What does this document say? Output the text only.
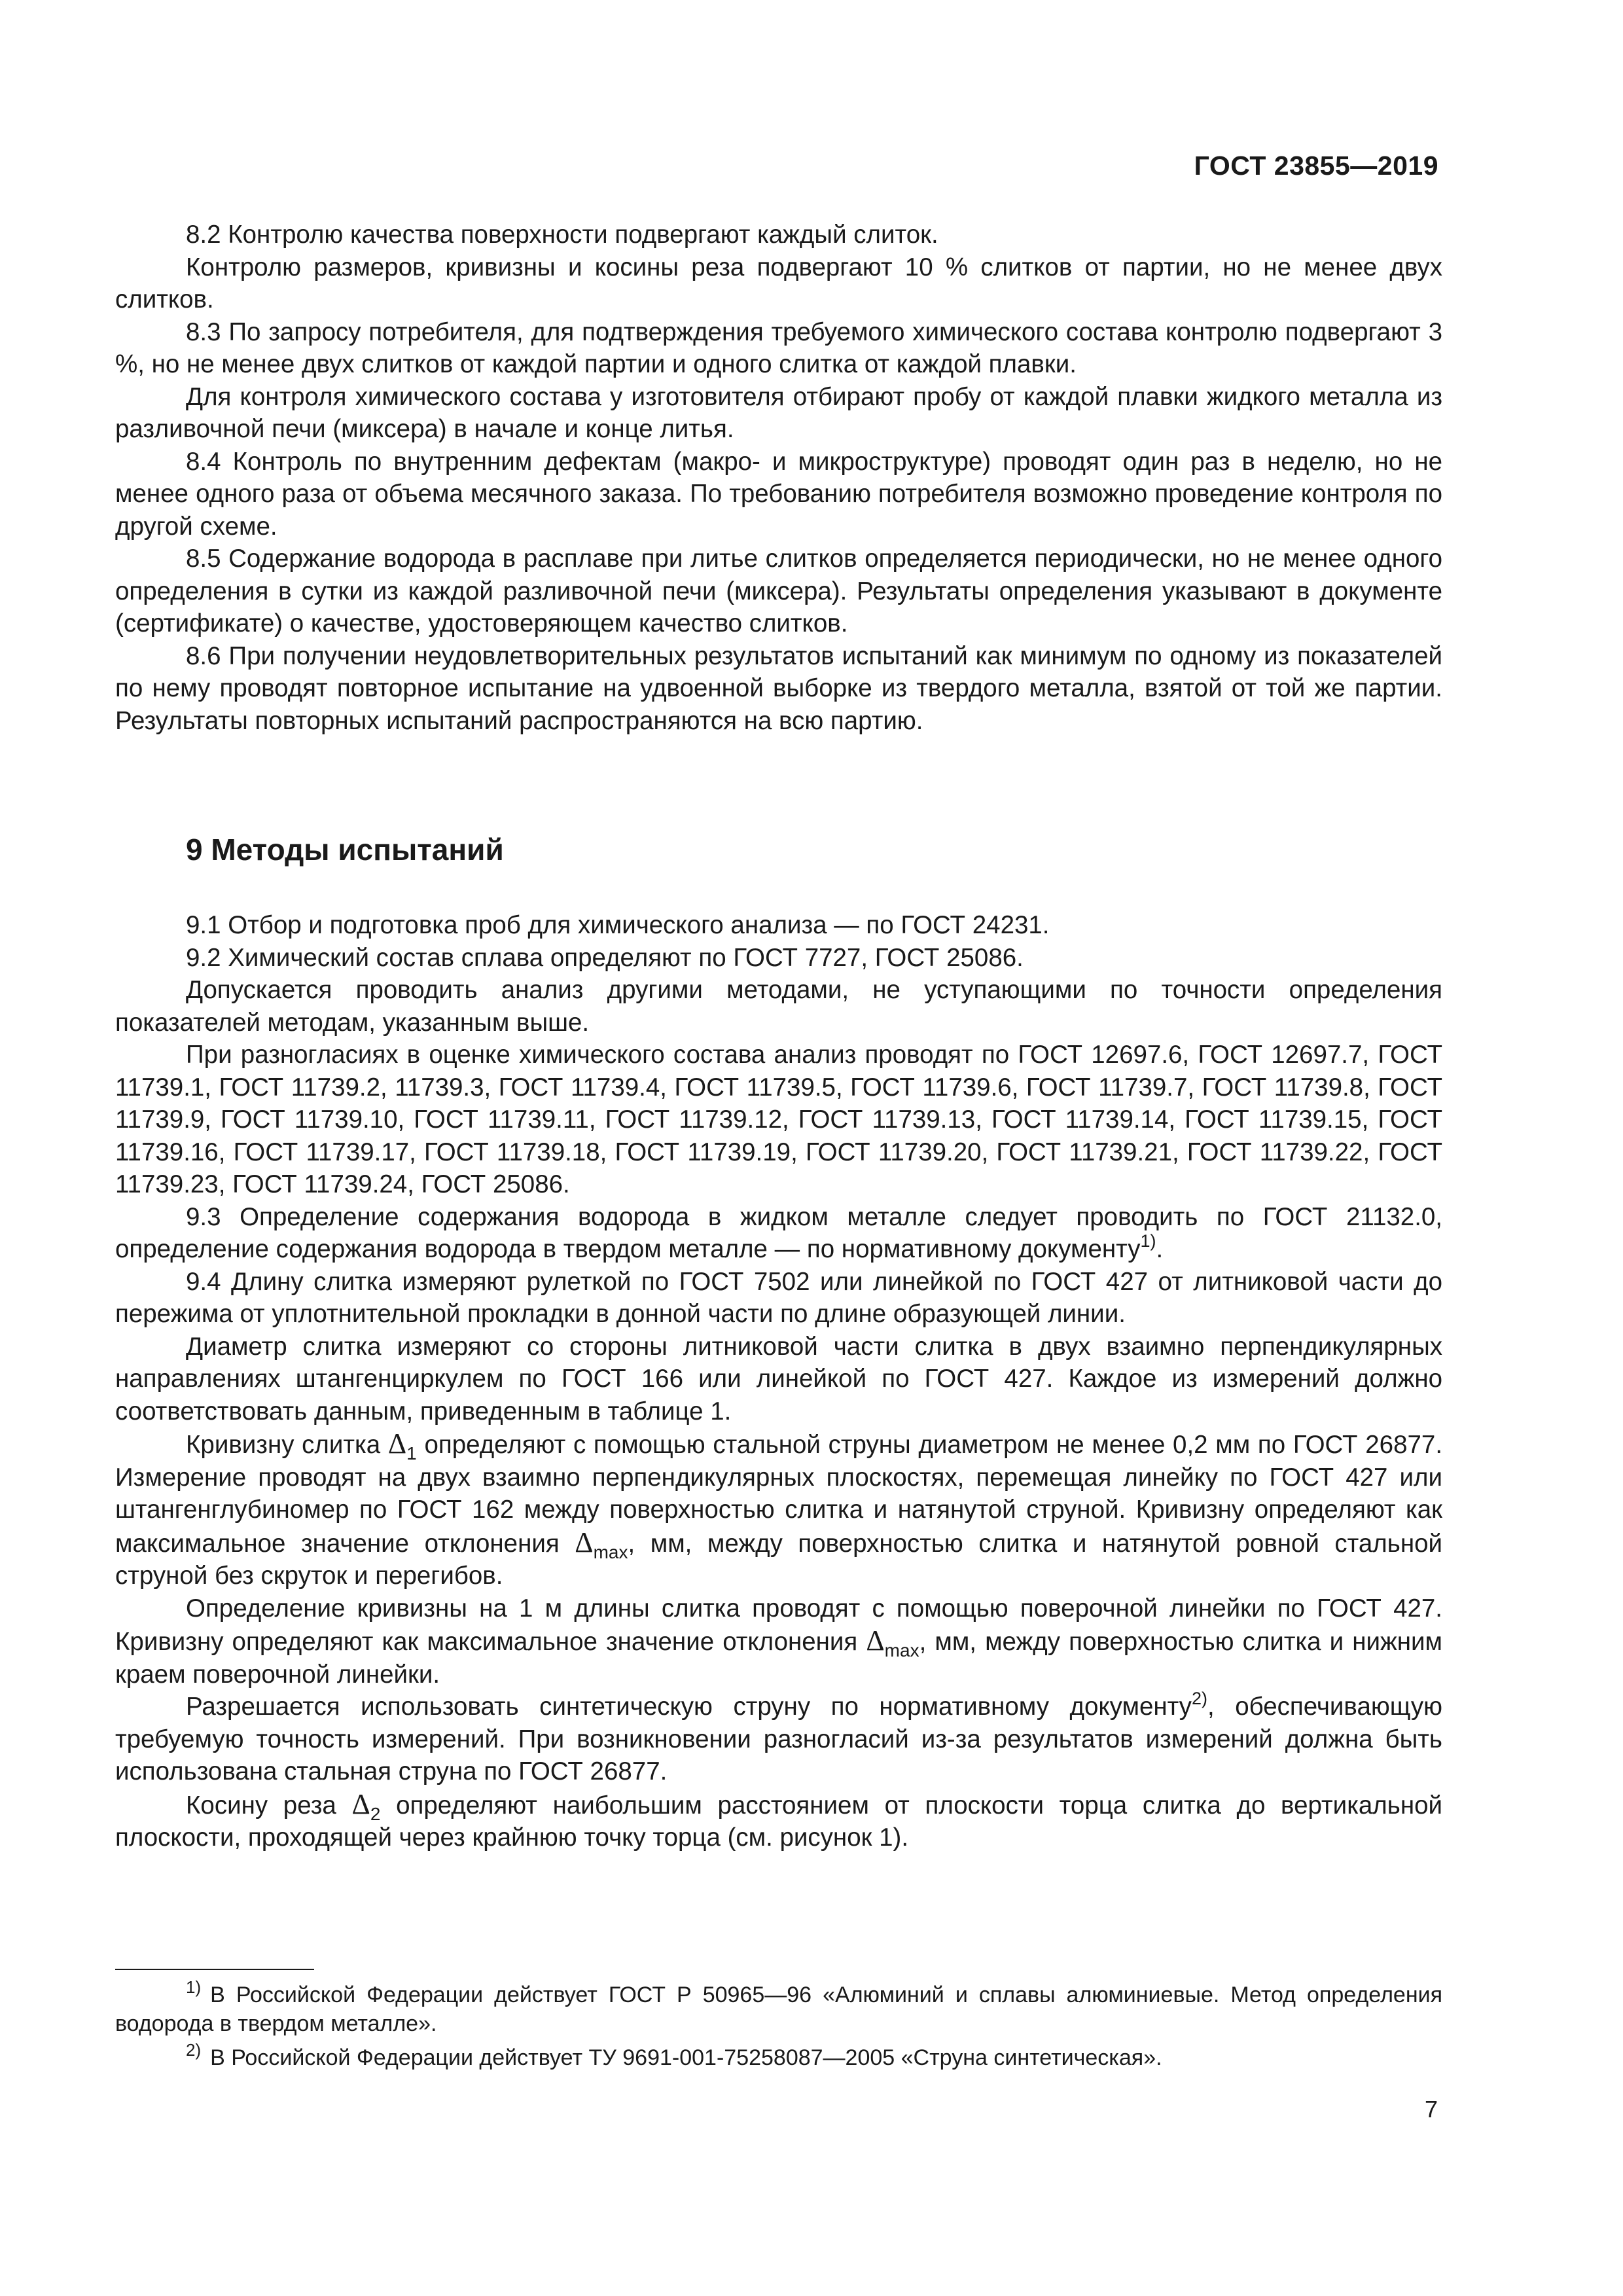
ГОСТ 23855—2019

8.2 Контролю качества поверхности подвергают каждый слиток.

Контролю размеров, кривизны и косины реза подвергают 10 % слитков от партии, но не менее двух слитков.

8.3 По запросу потребителя, для подтверждения требуемого химического состава контролю подвергают 3 %, но не менее двух слитков от каждой партии и одного слитка от каждой плавки.

Для контроля химического состава у изготовителя отбирают пробу от каждой плавки жидкого металла из разливочной печи (миксера) в начале и конце литья.

8.4 Контроль по внутренним дефектам (макро- и микроструктуре) проводят один раз в неделю, но не менее одного раза от объема месячного заказа. По требованию потребителя возможно проведение контроля по другой схеме.

8.5 Содержание водорода в расплаве при литье слитков определяется периодически, но не менее одного определения в сутки из каждой разливочной печи (миксера). Результаты определения указывают в документе (сертификате) о качестве, удостоверяющем качество слитков.

8.6 При получении неудовлетворительных результатов испытаний как минимум по одному из показателей по нему проводят повторное испытание на удвоенной выборке из твердого металла, взятой от той же партии. Результаты повторных испытаний распространяются на всю партию.

9 Методы испытаний

9.1 Отбор и подготовка проб для химического анализа — по ГОСТ 24231.

9.2 Химический состав сплава определяют по ГОСТ 7727, ГОСТ 25086.

Допускается проводить анализ другими методами, не уступающими по точности определения показателей методам, указанным выше.

При разногласиях в оценке химического состава анализ проводят по ГОСТ 12697.6, ГОСТ 12697.7, ГОСТ 11739.1, ГОСТ 11739.2, 11739.3, ГОСТ 11739.4, ГОСТ 11739.5, ГОСТ 11739.6, ГОСТ 11739.7, ГОСТ 11739.8, ГОСТ 11739.9, ГОСТ 11739.10, ГОСТ 11739.11, ГОСТ 11739.12, ГОСТ 11739.13, ГОСТ 11739.14, ГОСТ 11739.15, ГОСТ 11739.16, ГОСТ 11739.17, ГОСТ 11739.18, ГОСТ 11739.19, ГОСТ 11739.20, ГОСТ 11739.21, ГОСТ 11739.22, ГОСТ 11739.23, ГОСТ 11739.24, ГОСТ 25086.

9.3 Определение содержания водорода в жидком металле следует проводить по ГОСТ 21132.0, определение содержания водорода в твердом металле — по нормативному документу$^{1)}$.

9.4 Длину слитка измеряют рулеткой по ГОСТ 7502 или линейкой по ГОСТ 427 от литниковой части до пережима от уплотнительной прокладки в донной части по длине образующей линии.

Диаметр слитка измеряют со стороны литниковой части слитка в двух взаимно перпендикулярных направлениях штангенциркулем по ГОСТ 166 или линейкой по ГОСТ 427. Каждое из измерений должно соответствовать данным, приведенным в таблице 1.

Кривизну слитка $\Delta_1$ определяют с помощью стальной струны диаметром не менее 0,2 мм по ГОСТ 26877. Измерение проводят на двух взаимно перпендикулярных плоскостях, перемещая линейку по ГОСТ 427 или штангенглубиномер по ГОСТ 162 между поверхностью слитка и натянутой струной. Кривизну определяют как максимальное значение отклонения $\Delta_{max}$, мм, между поверхностью слитка и натянутой ровной стальной струной без скруток и перегибов.

Определение кривизны на 1 м длины слитка проводят с помощью поверочной линейки по ГОСТ 427. Кривизну определяют как максимальное значение отклонения $\Delta_{max}$, мм, между поверхностью слитка и нижним краем поверочной линейки.

Разрешается использовать синтетическую струну по нормативному документу$^{2)}$, обеспечивающую требуемую точность измерений. При возникновении разногласий из-за результатов измерений должна быть использована стальная струна по ГОСТ 26877.

Косину реза $\Delta_2$ определяют наибольшим расстоянием от плоскости торца слитка до вертикальной плоскости, проходящей через крайнюю точку торца (см. рисунок 1).

$^{1)}$ В Российской Федерации действует ГОСТ Р 50965—96 «Алюминий и сплавы алюминиевые. Метод определения водорода в твердом металле».

$^{2)}$ В Российской Федерации действует ТУ 9691-001-75258087—2005 «Струна синтетическая».

7
